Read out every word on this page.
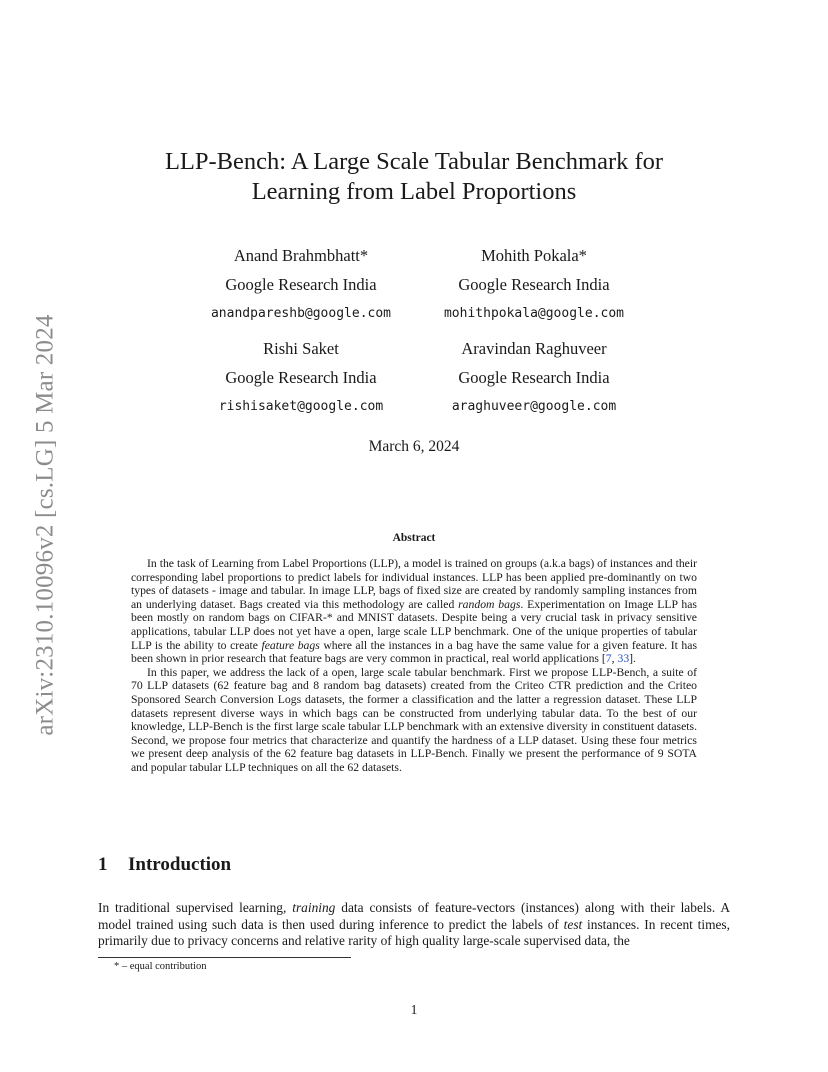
arXiv:2310.10096v2 [cs.LG] 5 Mar 2024
LLP-Bench: A Large Scale Tabular Benchmark for
Learning from Label Proportions
Anand Brahmbhatt*
Google Research India
anandpareshb@google.com
Mohith Pokala*
Google Research India
mohithpokala@google.com
Rishi Saket
Google Research India
rishisaket@google.com
Aravindan Raghuveer
Google Research India
araghuveer@google.com
March 6, 2024
Abstract

In the task of Learning from Label Proportions (LLP), a model is trained on groups (a.k.a bags) of instances and their corresponding label proportions to predict labels for individual instances. LLP has been applied pre-dominantly on two types of datasets - image and tabular. In image LLP, bags of fixed size are created by randomly sampling instances from an underlying dataset. Bags created via this methodology are called random bags. Experimentation on Image LLP has been mostly on random bags on CIFAR-* and MNIST datasets. Despite being a very crucial task in privacy sensitive applications, tabular LLP does not yet have a open, large scale LLP benchmark. One of the unique properties of tabular LLP is the ability to create feature bags where all the instances in a bag have the same value for a given feature. It has been shown in prior research that feature bags are very common in practical, real world applications [7, 33].

In this paper, we address the lack of a open, large scale tabular benchmark. First we propose LLP-Bench, a suite of 70 LLP datasets (62 feature bag and 8 random bag datasets) created from the Criteo CTR prediction and the Criteo Sponsored Search Conversion Logs datasets, the former a classification and the latter a regression dataset. These LLP datasets represent diverse ways in which bags can be constructed from underlying tabular data. To the best of our knowledge, LLP-Bench is the first large scale tabular LLP benchmark with an extensive diversity in constituent datasets. Second, we propose four metrics that characterize and quantify the hardness of a LLP dataset. Using these four metrics we present deep analysis of the 62 feature bag datasets in LLP-Bench. Finally we present the performance of 9 SOTA and popular tabular LLP techniques on all the 62 datasets.

1 Introduction

In traditional supervised learning, training data consists of feature-vectors (instances) along with their labels. A model trained using such data is then used during inference to predict the labels of test instances. In recent times, primarily due to privacy concerns and relative rarity of high quality large-scale supervised data, the

* – equal contribution
1
